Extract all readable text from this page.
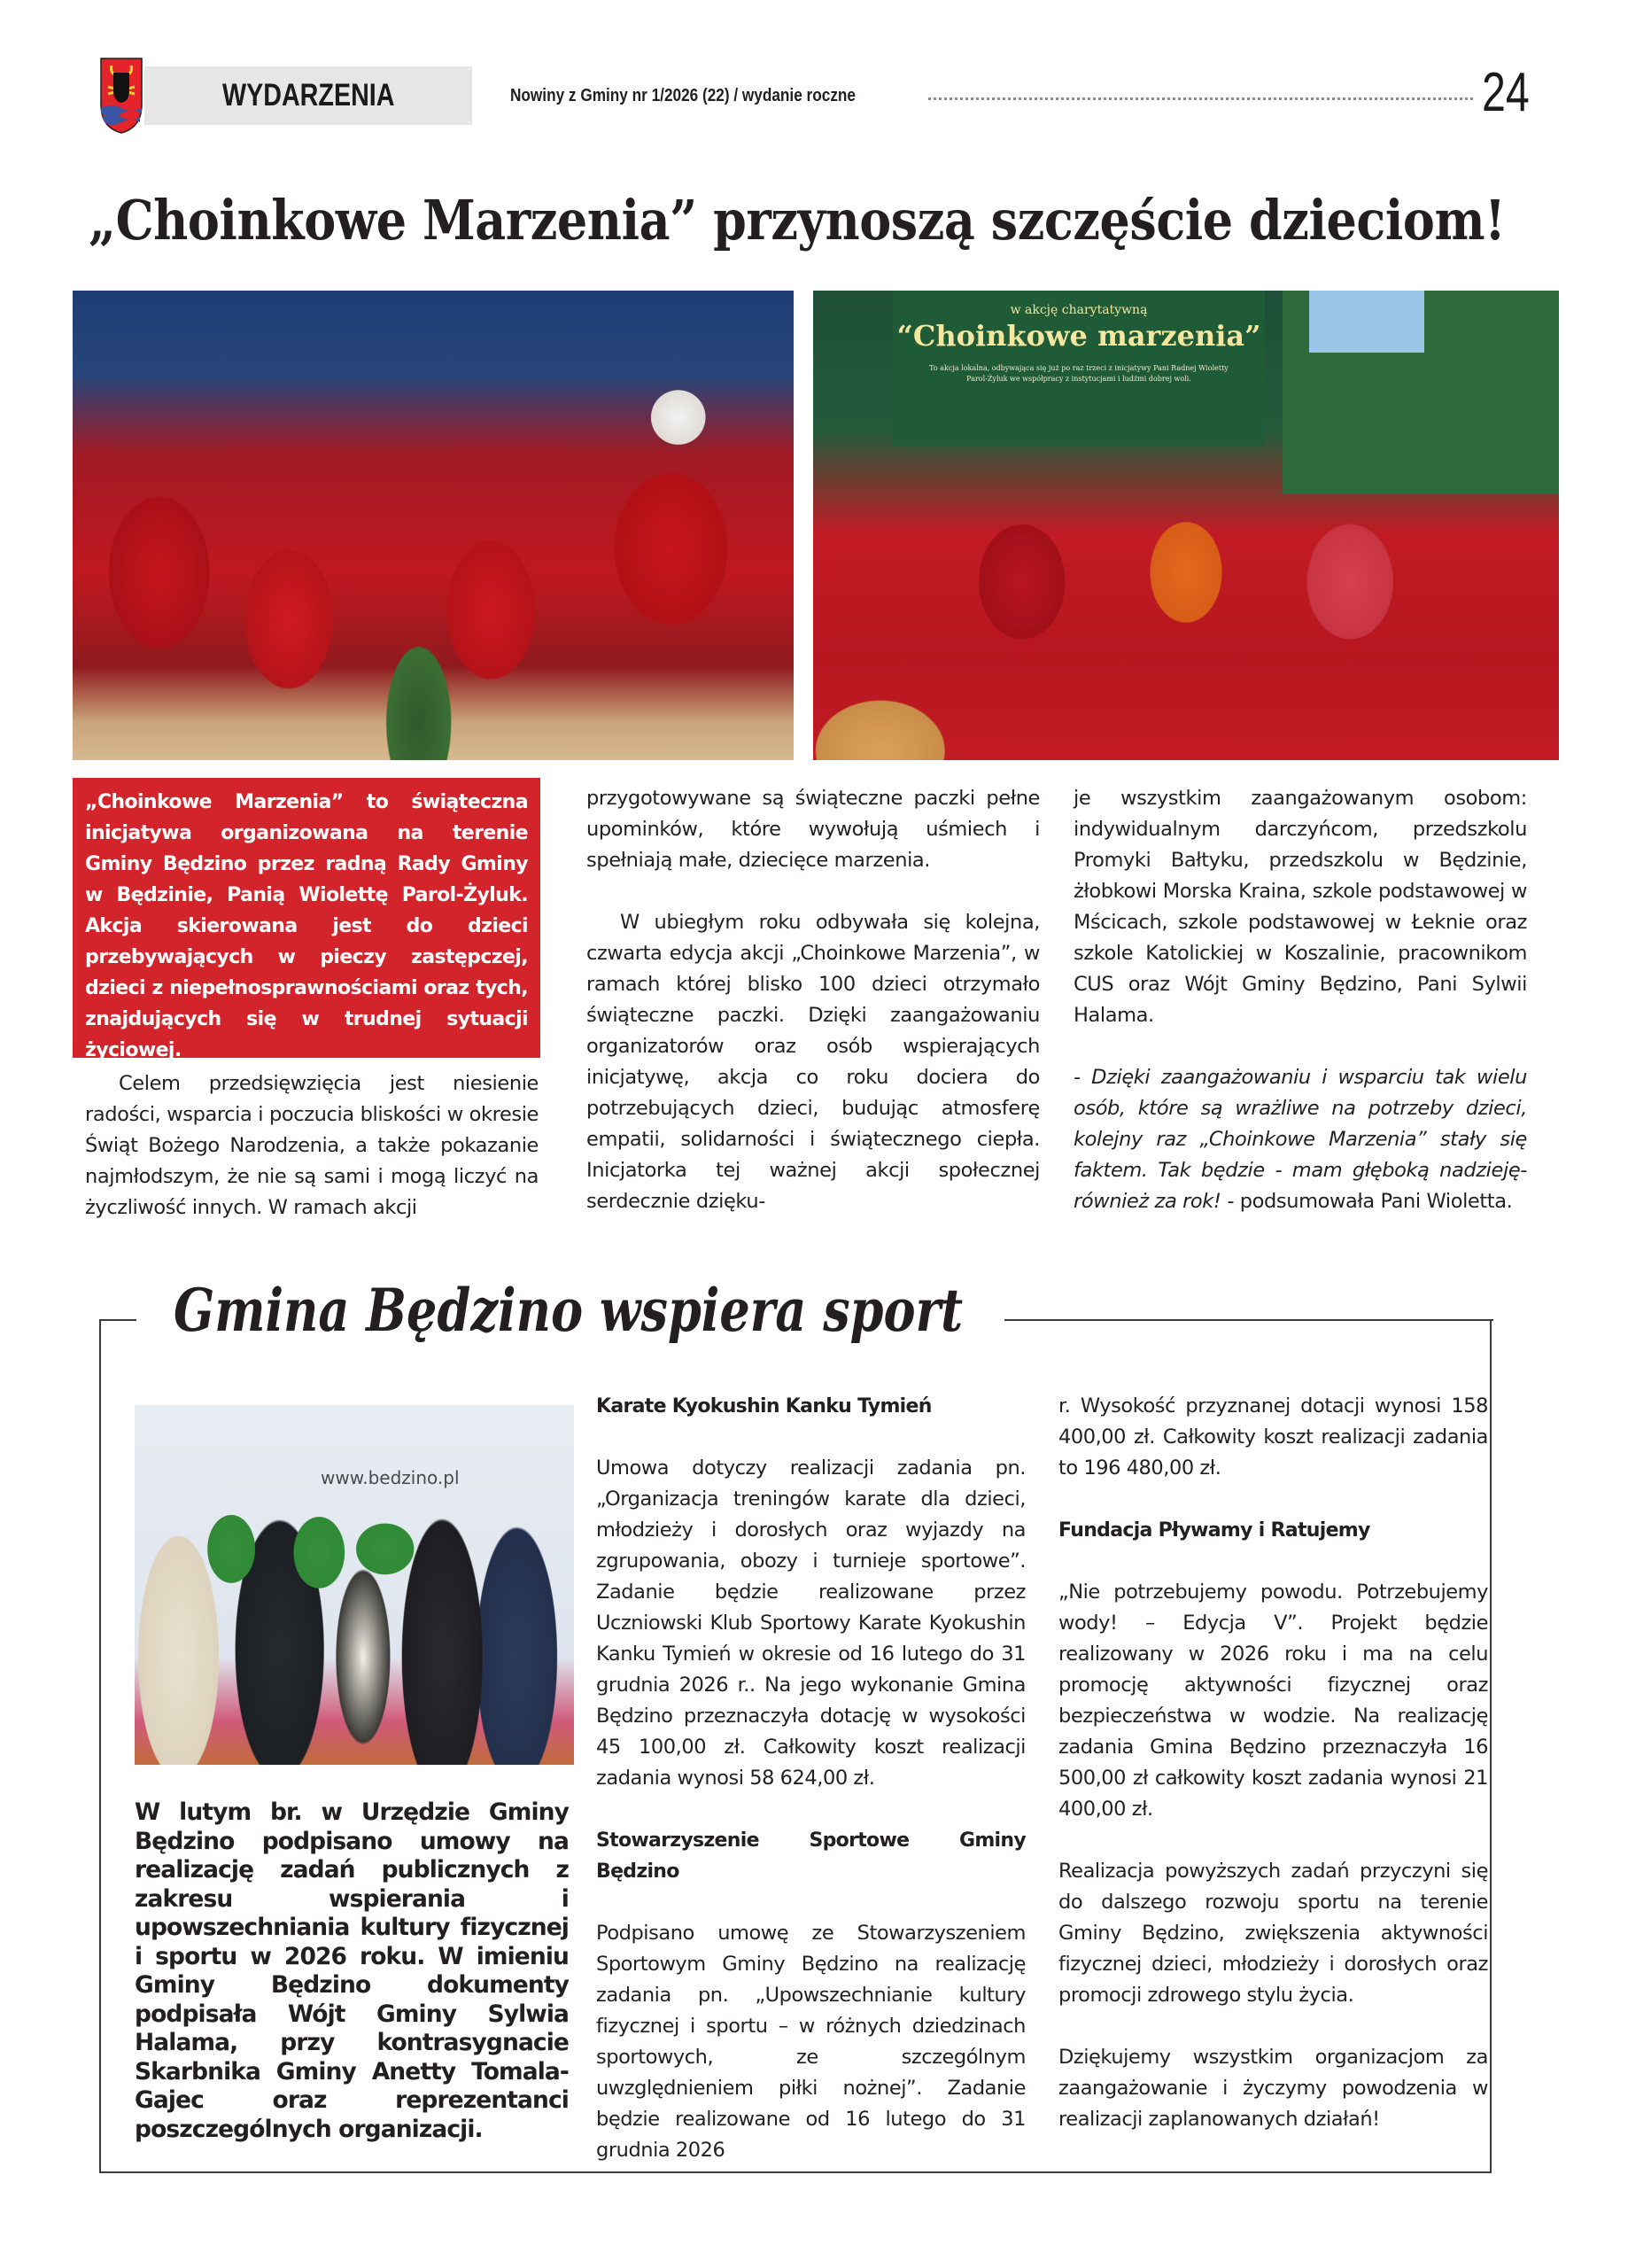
WYDARZENIA	Nowiny z Gminy nr 1/2026 (22) / wydanie roczne	24
„Choinkowe Marzenia” przynoszą szczęście dzieciom!
w akcję charytatywną
“Choinkowe marzenia”
To akcja lokalna, odbywająca się już po raz trzeci z inicjatywy Pani Radnej Wioletty Parol-Żyluk we współpracy z instytucjami i ludźmi dobrej woli.

„Choinkowe Marzenia” to świąteczna inicjatywa organizowana na terenie Gminy Będzino przez radną Rady Gminy w Będzinie, Panią Wiolettę Parol-Żyluk. Akcja skierowana jest do dzieci przebywających w pieczy zastępczej, dzieci z niepełnosprawnościami oraz tych, znajdujących się w trudnej sytuacji życiowej.

Celem przedsięwzięcia jest niesienie radości, wsparcia i poczucia bliskości w okresie Świąt Bożego Narodzenia, a także pokazanie najmłodszym, że nie są sami i mogą liczyć na życzliwość innych. W ramach akcji

przygotowywane są świąteczne paczki pełne upominków, które wywołują uśmiech i spełniają małe, dziecięce marzenia.

W ubiegłym roku odbywała się kolejna, czwarta edycja akcji „Choinkowe Marzenia”, w ramach której blisko 100 dzieci otrzymało świąteczne paczki. Dzięki zaangażowaniu organizatorów oraz osób wspierających inicjatywę, akcja co roku dociera do potrzebujących dzieci, budując atmosferę empatii, solidarności i świątecznego ciepła. Inicjatorka tej ważnej akcji społecznej serdecznie dzięku-

je wszystkim zaangażowanym osobom: indywidualnym darczyńcom, przedszkolu Promyki Bałtyku, przedszkolu w Będzinie, żłobkowi Morska Kraina, szkole podstawowej w Mścicach, szkole podstawowej w Łeknie oraz szkole Katolickiej w Koszalinie, pracownikom CUS oraz Wójt Gminy Będzino, Pani Sylwii Halama.

- Dzięki zaangażowaniu i wsparciu tak wielu osób, które są wrażliwe na potrzeby dzieci, kolejny raz „Choinkowe Marzenia” stały się faktem. Tak będzie - mam głęboką nadzieję- również za rok! - podsumowała Pani Wioletta.

Gmina Będzino wspiera sport
www.bedzino.pl

W lutym br. w Urzędzie Gminy Będzino podpisano umowy na realizację zadań publicznych z zakresu wspierania i upowszechniania kultury fizycznej i sportu w 2026 roku. W imieniu Gminy Będzino dokumenty podpisała Wójt Gminy Sylwia Halama, przy kontrasygnacie Skarbnika Gminy Anetty Tomala-Gajec oraz reprezentanci poszczególnych organizacji.

Karate Kyokushin Kanku Tymień

Umowa dotyczy realizacji zadania pn. „Organizacja treningów karate dla dzieci, młodzieży i dorosłych oraz wyjazdy na zgrupowania, obozy i turnieje sportowe”. Zadanie będzie realizowane przez Uczniowski Klub Sportowy Karate Kyokushin Kanku Tymień w okresie od 16 lutego do 31 grudnia 2026 r.. Na jego wykonanie Gmina Będzino przeznaczyła dotację w wysokości 45 100,00 zł. Całkowity koszt realizacji zadania wynosi 58 624,00 zł.

Stowarzyszenie Sportowe Gminy Będzino

Podpisano umowę ze Stowarzyszeniem Sportowym Gminy Będzino na realizację zadania pn. „Upowszechnianie kultury fizycznej i sportu – w różnych dziedzinach sportowych, ze szczególnym uwzględnieniem piłki nożnej”. Zadanie będzie realizowane od 16 lutego do 31 grudnia 2026

r. Wysokość przyznanej dotacji wynosi 158 400,00 zł. Całkowity koszt realizacji zadania to 196 480,00 zł.

Fundacja Pływamy i Ratujemy

„Nie potrzebujemy powodu. Potrzebujemy wody! – Edycja V”. Projekt będzie realizowany w 2026 roku i ma na celu promocję aktywności fizycznej oraz bezpieczeństwa w wodzie. Na realizację zadania Gmina Będzino przeznaczyła 16 500,00 zł całkowity koszt zadania wynosi 21 400,00 zł.

Realizacja powyższych zadań przyczyni się do dalszego rozwoju sportu na terenie Gminy Będzino, zwiększenia aktywności fizycznej dzieci, młodzieży i dorosłych oraz promocji zdrowego stylu życia.

Dziękujemy wszystkim organizacjom za zaangażowanie i życzymy powodzenia w realizacji zaplanowanych działań!
